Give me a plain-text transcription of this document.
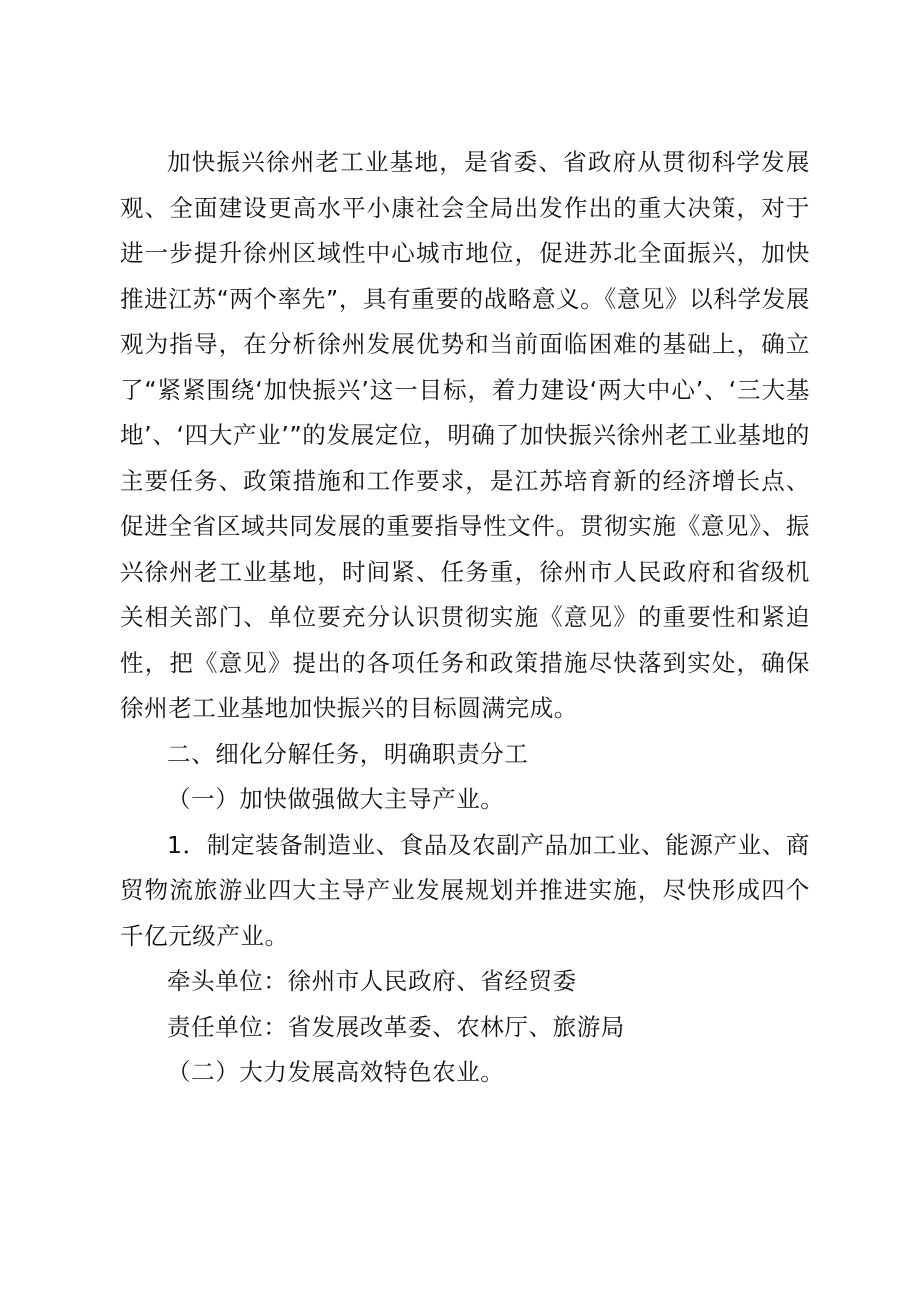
加快振兴徐州老工业基地，是省委、省政府从贯彻科学发展观、全面建设更高水平小康社会全局出发作出的重大决策，对于进一步提升徐州区域性中心城市地位，促进苏北全面振兴，加快推进江苏“两个率先”，具有重要的战略意义。《意见》以科学发展观为指导，在分析徐州发展优势和当前面临困难的基础上，确立了“紧紧围绕‘加快振兴’这一目标，着力建设‘两大中心’、‘三大基地’、‘四大产业’”的发展定位，明确了加快振兴徐州老工业基地的主要任务、政策措施和工作要求，是江苏培育新的经济增长点、促进全省区域共同发展的重要指导性文件。贯彻实施《意见》、振兴徐州老工业基地，时间紧、任务重，徐州市人民政府和省级机关相关部门、单位要充分认识贯彻实施《意见》的重要性和紧迫性，把《意见》提出的各项任务和政策措施尽快落到实处，确保徐州老工业基地加快振兴的目标圆满完成。

二、细化分解任务，明确职责分工

（一）加快做强做大主导产业。

1．制定装备制造业、食品及农副产品加工业、能源产业、商贸物流旅游业四大主导产业发展规划并推进实施，尽快形成四个千亿元级产业。

牵头单位：徐州市人民政府、省经贸委

责任单位：省发展改革委、农林厅、旅游局

（二）大力发展高效特色农业。
